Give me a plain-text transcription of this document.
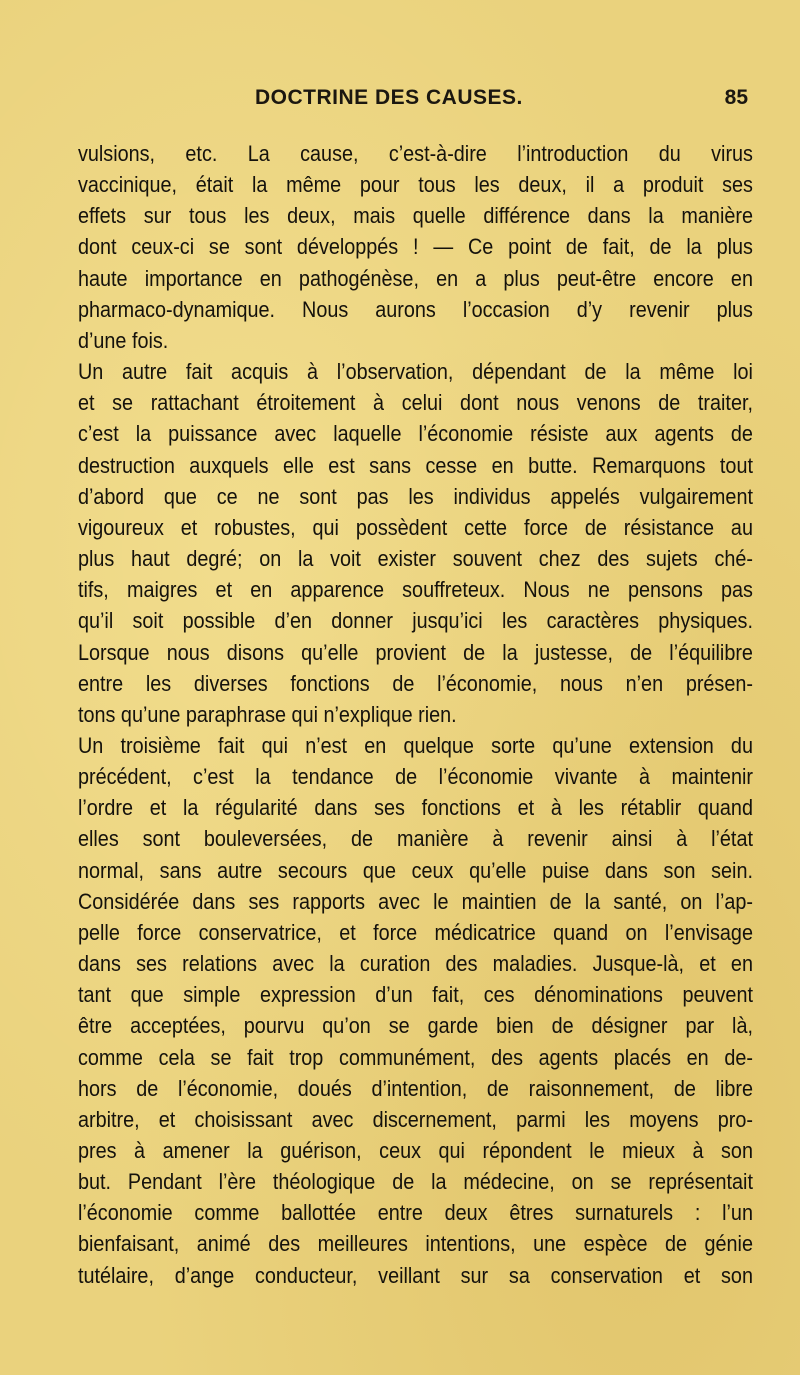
DOCTRINE DES CAUSES.	85
vulsions, etc. La cause, c’est-à-dire l’introduction du virus
vaccinique, était la même pour tous les deux, il a produit ses
effets sur tous les deux, mais quelle différence dans la manière
dont ceux-ci se sont développés ! — Ce point de fait, de la plus
haute importance en pathogénèse, en a plus peut-être encore en
pharmaco-dynamique. Nous aurons l’occasion d’y revenir plus
d’une fois.
Un autre fait acquis à l’observation, dépendant de la même loi
et se rattachant étroitement à celui dont nous venons de traiter,
c’est la puissance avec laquelle l’économie résiste aux agents de
destruction auxquels elle est sans cesse en butte. Remarquons tout
d’abord que ce ne sont pas les individus appelés vulgairement
vigoureux et robustes, qui possèdent cette force de résistance au
plus haut degré; on la voit exister souvent chez des sujets ché-
tifs, maigres et en apparence souffreteux. Nous ne pensons pas
qu’il soit possible d’en donner jusqu’ici les caractères physiques.
Lorsque nous disons qu’elle provient de la justesse, de l’équilibre
entre les diverses fonctions de l’économie, nous n’en présen-
tons qu’une paraphrase qui n’explique rien.
Un troisième fait qui n’est en quelque sorte qu’une extension du
précédent, c’est la tendance de l’économie vivante à maintenir
l’ordre et la régularité dans ses fonctions et à les rétablir quand
elles sont bouleversées, de manière à revenir ainsi à l’état
normal, sans autre secours que ceux qu’elle puise dans son sein.
Considérée dans ses rapports avec le maintien de la santé, on l’ap-
pelle force conservatrice, et force médicatrice quand on l’envisage
dans ses relations avec la curation des maladies. Jusque-là, et en
tant que simple expression d’un fait, ces dénominations peuvent
être acceptées, pourvu qu’on se garde bien de désigner par là,
comme cela se fait trop communément, des agents placés en de-
hors de l’économie, doués d’intention, de raisonnement, de libre
arbitre, et choisissant avec discernement, parmi les moyens pro-
pres à amener la guérison, ceux qui répondent le mieux à son
but. Pendant l’ère théologique de la médecine, on se représentait
l’économie comme ballottée entre deux êtres surnaturels : l’un
bienfaisant, animé des meilleures intentions, une espèce de génie
tutélaire, d’ange conducteur, veillant sur sa conservation et son
